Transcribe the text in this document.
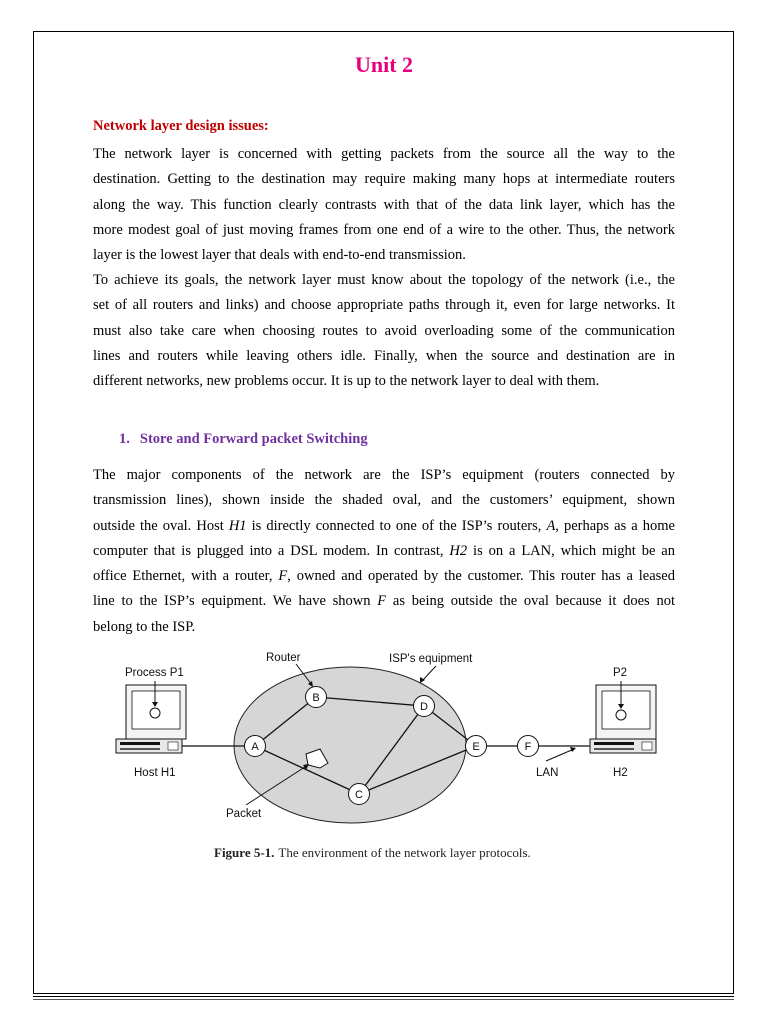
Unit 2
Network layer design issues:
The network layer is concerned with getting packets from the source all the way to the
destination. Getting to the destination may require making many hops at intermediate routers
along the way. This function clearly contrasts with that of the data link layer, which has the
more modest goal of just moving frames from one end of a wire to the other. Thus, the network
layer is the lowest layer that deals with end-to-end transmission.
To achieve its goals, the network layer must know about the topology of the network (i.e., the
set of all routers and links) and choose appropriate paths through it, even for large networks. It
must also take care when choosing routes to avoid overloading some of the communication
lines and routers while leaving others idle. Finally, when the source and destination are in
different networks, new problems occur. It is up to the network layer to deal with them.
1. Store and Forward packet Switching
The major components of the network are the ISP’s equipment (routers connected by
transmission lines), shown inside the shaded oval, and the customers’ equipment, shown
outside the oval. Host H1 is directly connected to one of the ISP’s routers, A, perhaps as a home
computer that is plugged into a DSL modem. In contrast, H2 is on a LAN, which might be an
office Ethernet, with a router, F, owned and operated by the customer. This router has a leased
line to the ISP’s equipment. We have shown F as being outside the oval because it does not
belong to the ISP.
A
B
C
D
E	F
Router	ISP's equipment
Process P1	P2
Host H1	LAN	H2
Packet
Figure 5-1. The environment of the network layer protocols.
